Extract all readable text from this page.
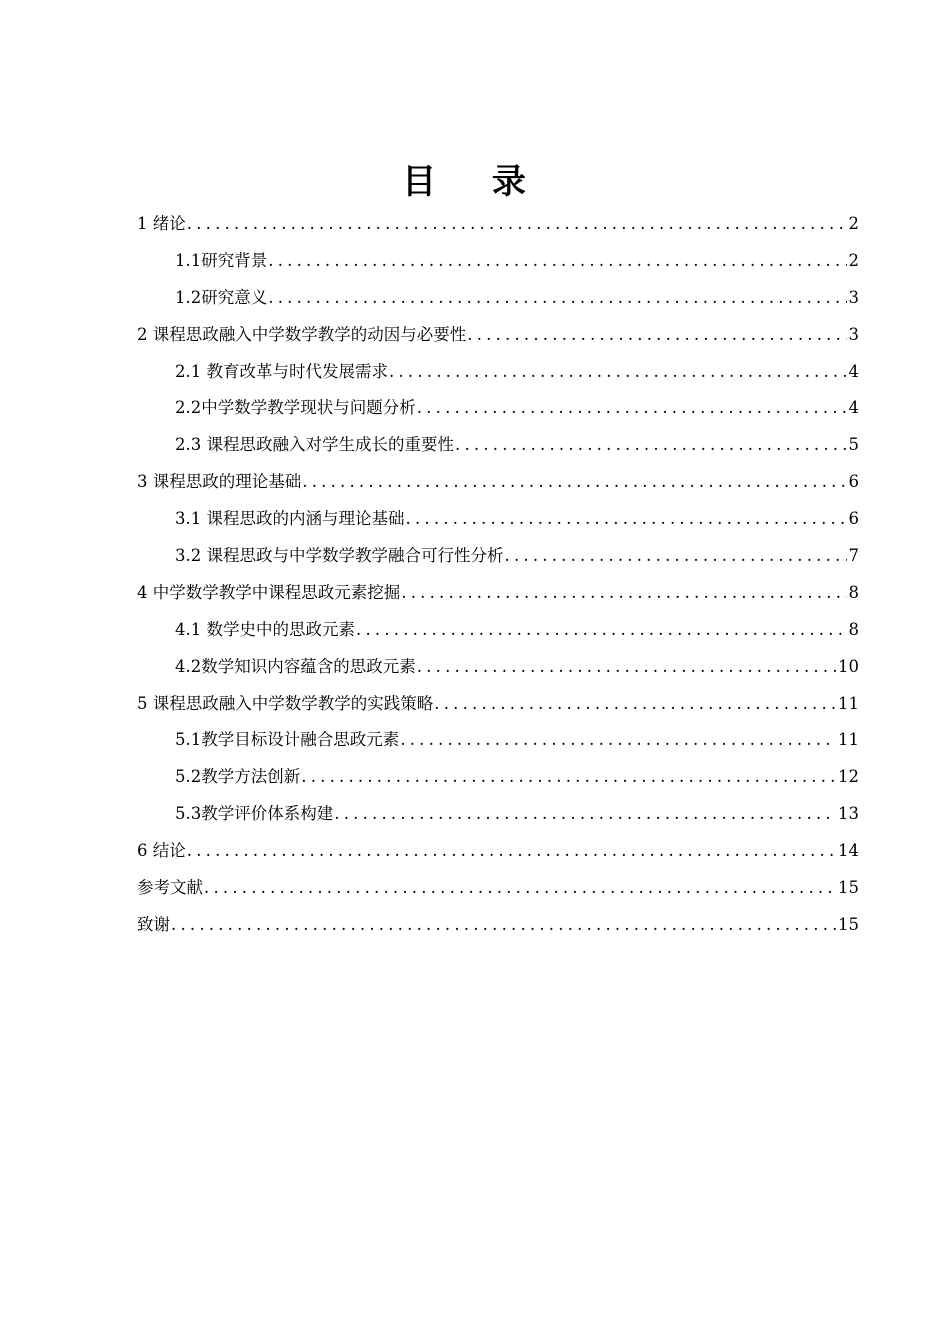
目 录
1 绪论 .....	2
1.1研究背景 .....	2
1.2研究意义 .....	3
2 课程思政融入中学数学教学的动因与必要性 .....	3
2.1 教育改革与时代发展需求 .....	4
2.2中学数学教学现状与问题分析 .....	4
2.3 课程思政融入对学生成长的重要性 .....	5
3 课程思政的理论基础 .....	6
3.1 课程思政的内涵与理论基础 .....	6
3.2 课程思政与中学数学教学融合可行性分析 .....	7
4 中学数学教学中课程思政元素挖掘 .....	8
4.1 数学史中的思政元素 .....	8
4.2数学知识内容蕴含的思政元素 .....	10
5 课程思政融入中学数学教学的实践策略 .....	11
5.1教学目标设计融合思政元素 .....	11
5.2教学方法创新 .....	12
5.3教学评价体系构建 .....	13
6 结论 .....	14
参考文献 .....	15
致谢 .....	15
